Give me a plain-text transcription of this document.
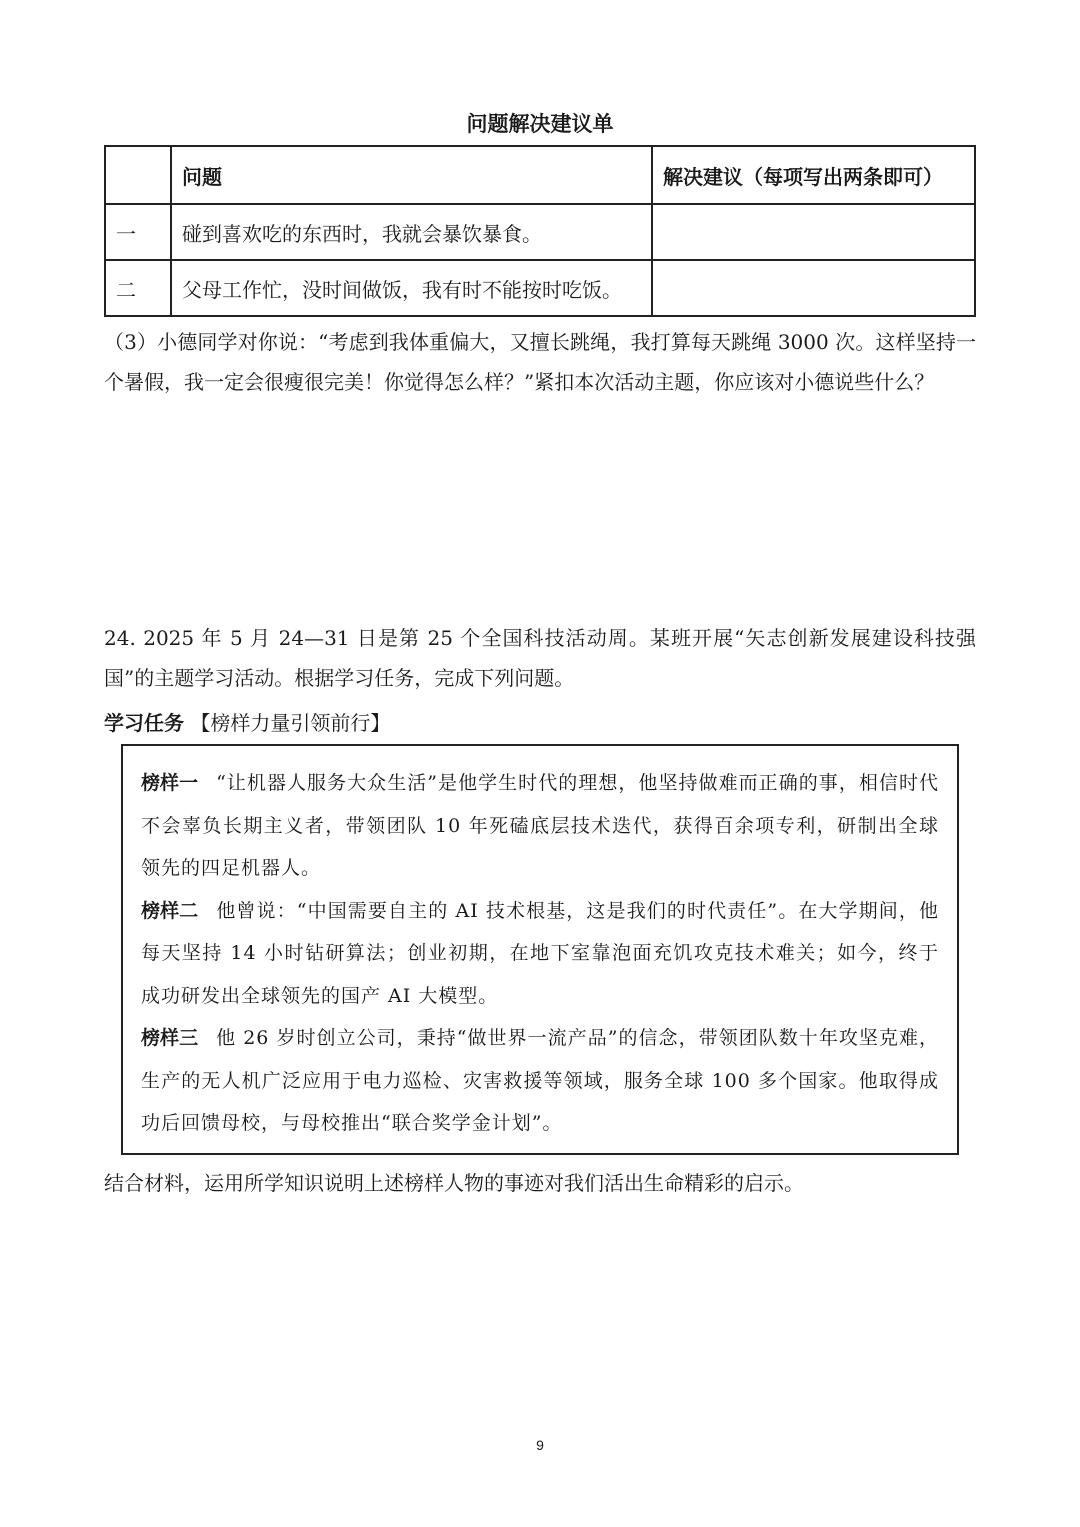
问题解决建议单
	问题	解决建议（每项写出两条即可）
一	碰到喜欢吃的东西时，我就会暴饮暴食。	
二	父母工作忙，没时间做饭，我有时不能按时吃饭。	
（3）小德同学对你说：“考虑到我体重偏大，又擅长跳绳，我打算每天跳绳 3000 次。这样坚持一个暑假，我一定会很瘦很完美！你觉得怎么样？”紧扣本次活动主题，你应该对小德说些什么？
24. 2025 年 5 月 24—31 日是第 25 个全国科技活动周。某班开展“矢志创新发展建设科技强国”的主题学习活动。根据学习任务，完成下列问题。
学习任务 【榜样力量引领前行】

榜样一 “让机器人服务大众生活”是他学生时代的理想，他坚持做难而正确的事，相信时代不会辜负长期主义者，带领团队 10 年死磕底层技术迭代，获得百余项专利，研制出全球领先的四足机器人。

榜样二 他曾说：“中国需要自主的 AI 技术根基，这是我们的时代责任”。在大学期间，他每天坚持 14 小时钻研算法；创业初期，在地下室靠泡面充饥攻克技术难关；如今，终于成功研发出全球领先的国产 AI 大模型。

榜样三 他 26 岁时创立公司，秉持“做世界一流产品”的信念，带领团队数十年攻坚克难，生产的无人机广泛应用于电力巡检、灾害救援等领域，服务全球 100 多个国家。他取得成功后回馈母校，与母校推出“联合奖学金计划”。

结合材料，运用所学知识说明上述榜样人物的事迹对我们活出生命精彩的启示。
9
